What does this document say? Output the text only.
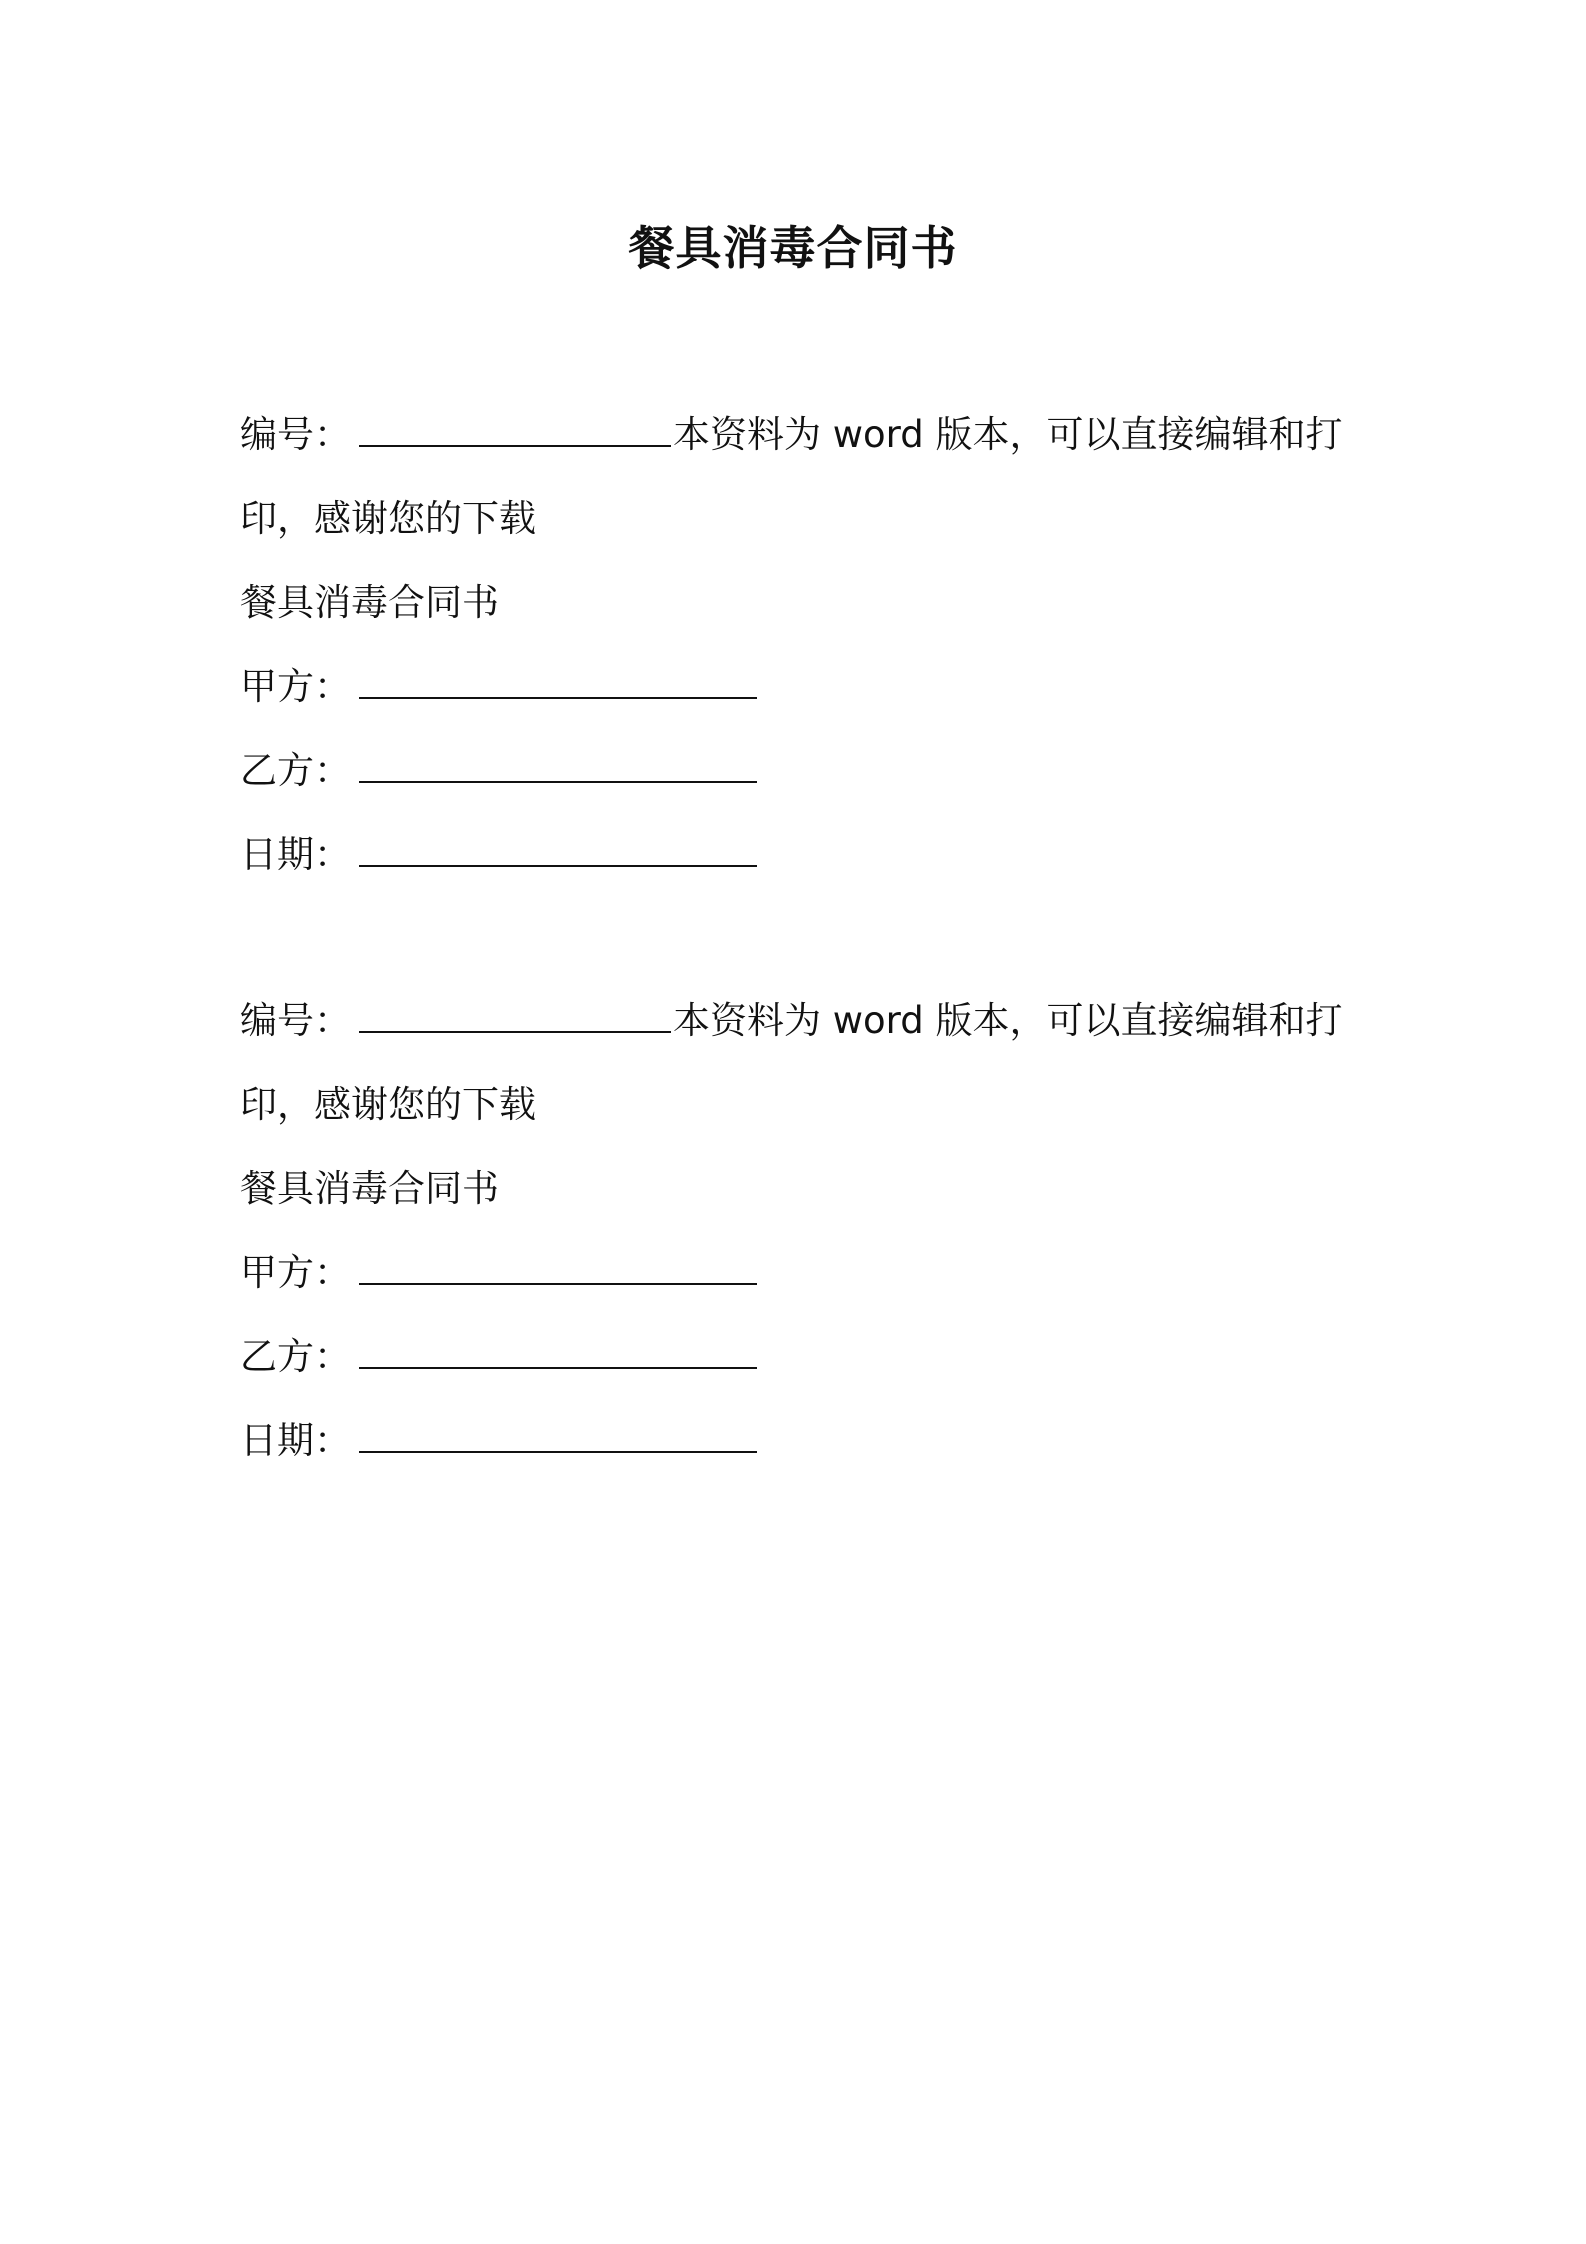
餐具消毒合同书
编号：	本资料为 word 版本，可以直接编辑和打
印，感谢您的下载
餐具消毒合同书
甲方：
乙方：
日期：
编号：	本资料为 word 版本，可以直接编辑和打
印，感谢您的下载
餐具消毒合同书
甲方：
乙方：
日期：
